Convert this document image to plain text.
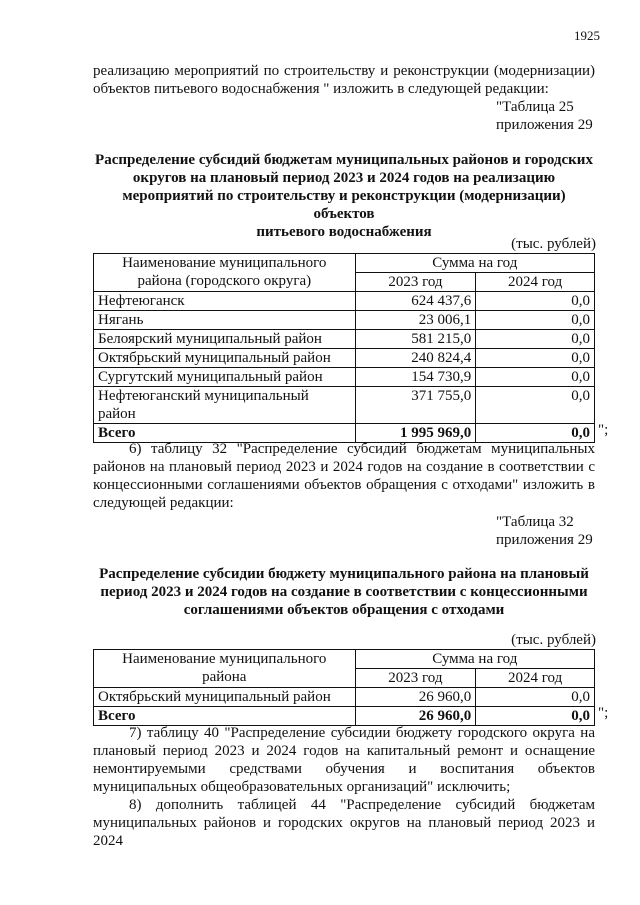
1925
реализацию мероприятий по строительству и реконструкции (модернизации)
объектов питьевого водоснабжения " изложить в следующей редакции:
"Таблица 25
приложения 29
Распределение субсидий бюджетам муниципальных районов и городских
округов на плановый период 2023 и 2024 годов на реализацию
мероприятий по строительству и реконструкции (модернизации) объектов
питьевого водоснабжения
(тыс. рублей)
Наименование муниципального
района (городского округа)	Сумма на год	
	2023 год	2024 год
Нефтеюганск	624 437,6	0,0
Нягань	23 006,1	0,0
Белоярский муниципальный район	581 215,0	0,0
Октябрьский муниципальный район	240 824,4	0,0
Сургутский муниципальный район	154 730,9	0,0
Нефтеюганский муниципальный район	371 755,0	0,0
Всего	1 995 969,0	0,0 ";
6) таблицу 32 "Распределение субсидий бюджетам муниципальных
районов на плановый период 2023 и 2024 годов на создание в соответствии с
концессионными соглашениями объектов обращения с отходами" изложить в
следующей редакции:
"Таблица 32
приложения 29
Распределение субсидии бюджету муниципального района на плановый
период 2023 и 2024 годов на создание в соответствии с концессионными
соглашениями объектов обращения с отходами
(тыс. рублей)
Наименование муниципального
района	Сумма на год	
	2023 год	2024 год
Октябрьский муниципальный район	26 960,0	0,0
Всего	26 960,0	0,0 ";
7) таблицу 40 "Распределение субсидии бюджету городского округа на
плановый период 2023 и 2024 годов на капитальный ремонт и оснащение
немонтируемыми средствами обучения и воспитания объектов
муниципальных общеобразовательных организаций" исключить;
8) дополнить таблицей 44 "Распределение субсидий бюджетам
муниципальных районов и городских округов на плановый период 2023 и 2024
